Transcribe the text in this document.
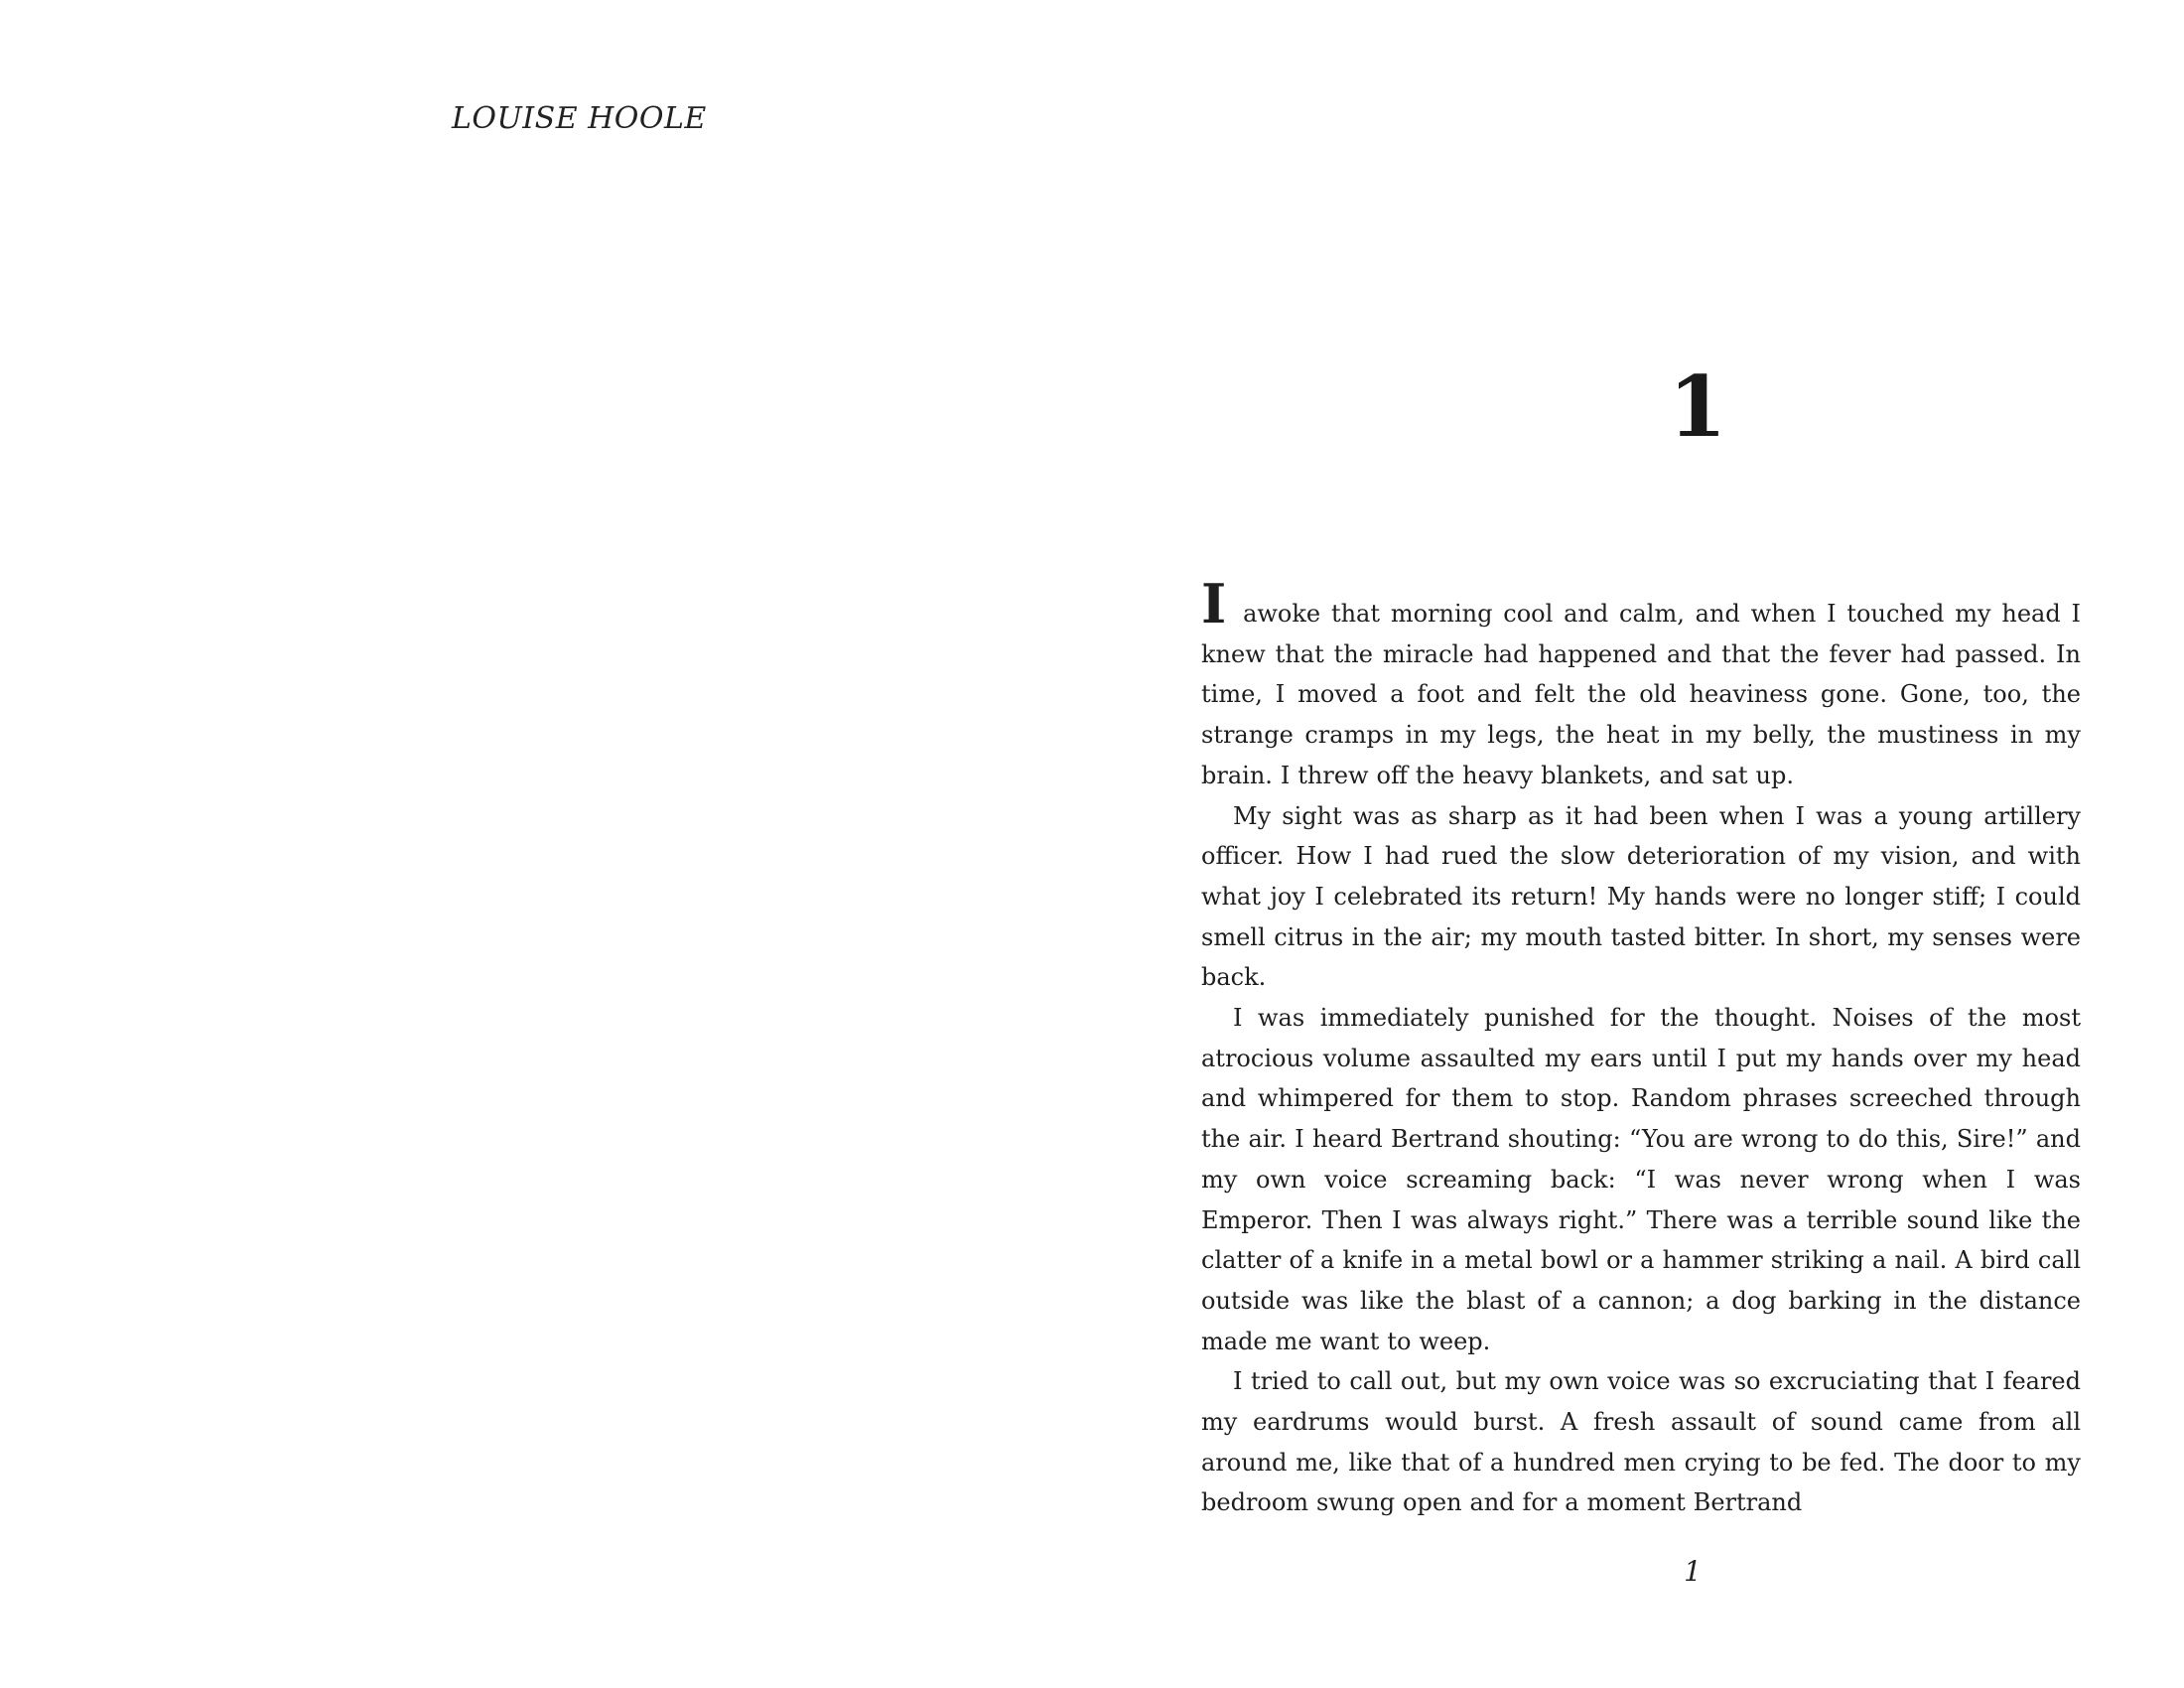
LOUISE HOOLE
1

I awoke that morning cool and calm, and when I touched my head I knew that the miracle had happened and that the fever had passed. In time, I moved a foot and felt the old heaviness gone. Gone, too, the strange cramps in my legs, the heat in my belly, the mustiness in my brain. I threw off the heavy blankets, and sat up.

My sight was as sharp as it had been when I was a young artillery officer. How I had rued the slow deterioration of my vision, and with what joy I celebrated its return! My hands were no longer stiff; I could smell citrus in the air; my mouth tasted bitter. In short, my senses were back.

I was immediately punished for the thought. Noises of the most atrocious volume assaulted my ears until I put my hands over my head and whimpered for them to stop. Random phrases screeched through the air. I heard Bertrand shouting: “You are wrong to do this, Sire!” and my own voice screaming back: “I was never wrong when I was Emperor. Then I was always right.” There was a terrible sound like the clatter of a knife in a metal bowl or a hammer striking a nail. A bird call outside was like the blast of a cannon; a dog barking in the distance made me want to weep.

I tried to call out, but my own voice was so excruciating that I feared my eardrums would burst. A fresh assault of sound came from all around me, like that of a hundred men crying to be fed. The door to my bedroom swung open and for a moment Bertrand

1
